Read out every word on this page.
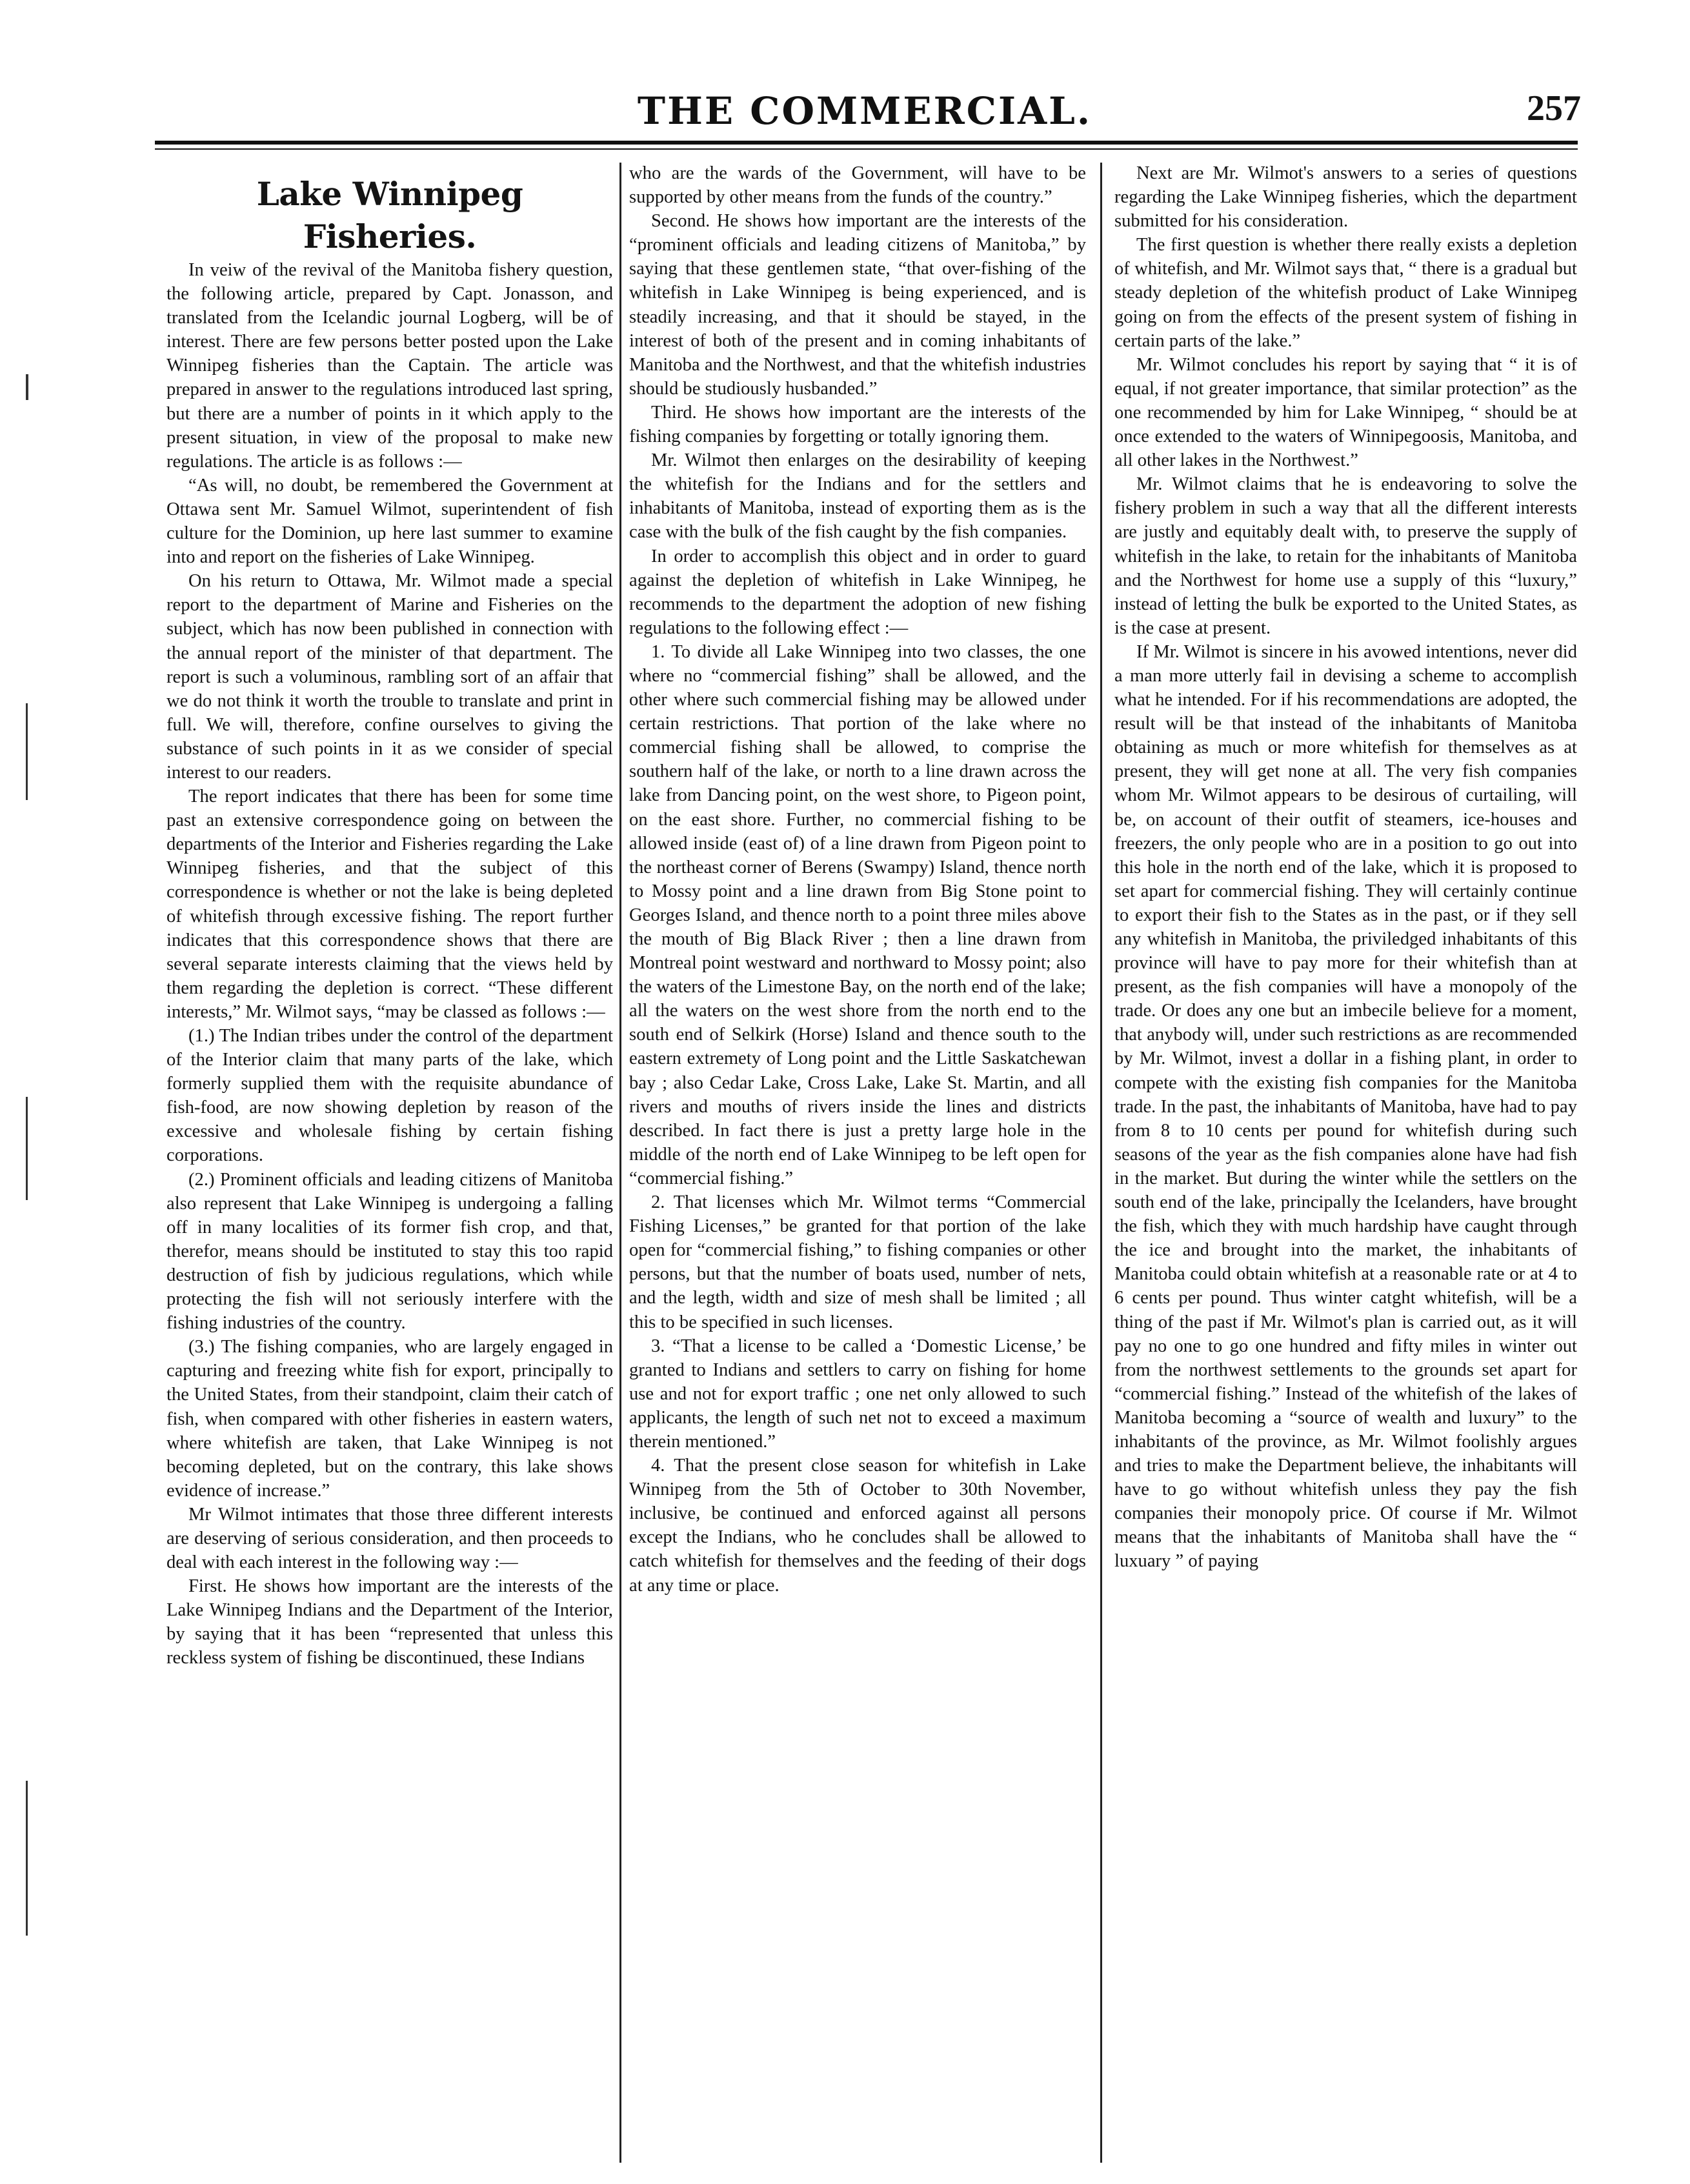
THE COMMERCIAL.	257
Lake Winnipeg Fisheries.

In veiw of the revival of the Manitoba fishery question, the following article, prepared by Capt. Jonasson, and translated from the Icelandic journal Logberg, will be of interest. There are few persons better posted upon the Lake Winnipeg fisheries than the Captain. The article was prepared in answer to the regulations introduced last spring, but there are a number of points in it which apply to the present situation, in view of the proposal to make new regulations. The article is as follows :—

“As will, no doubt, be remembered the Government at Ottawa sent Mr. Samuel Wilmot, superintendent of fish culture for the Dominion, up here last summer to examine into and report on the fisheries of Lake Winnipeg.

On his return to Ottawa, Mr. Wilmot made a special report to the department of Marine and Fisheries on the subject, which has now been published in connection with the annual report of the minister of that department. The report is such a voluminous, rambling sort of an affair that we do not think it worth the trouble to translate and print in full. We will, therefore, confine ourselves to giving the substance of such points in it as we consider of special interest to our readers.

The report indicates that there has been for some time past an extensive correspondence going on between the departments of the Interior and Fisheries regarding the Lake Winnipeg fisheries, and that the subject of this correspondence is whether or not the lake is being depleted of whitefish through excessive fishing. The report further indicates that this correspondence shows that there are several separate interests claiming that the views held by them regarding the depletion is correct. “These different interests,” Mr. Wilmot says, “may be classed as follows :—

(1.) The Indian tribes under the control of the department of the Interior claim that many parts of the lake, which formerly supplied them with the requisite abundance of fish-food, are now showing depletion by reason of the excessive and wholesale fishing by certain fishing corporations.

(2.) Prominent officials and leading citizens of Manitoba also represent that Lake Winnipeg is undergoing a falling off in many localities of its former fish crop, and that, therefor, means should be instituted to stay this too rapid destruction of fish by judicious regulations, which while protecting the fish will not seriously interfere with the fishing industries of the country.

(3.) The fishing companies, who are largely engaged in capturing and freezing white fish for export, principally to the United States, from their standpoint, claim their catch of fish, when compared with other fisheries in eastern waters, where whitefish are taken, that Lake Winnipeg is not becoming depleted, but on the contrary, this lake shows evidence of increase.”

Mr Wilmot intimates that those three different interests are deserving of serious consideration, and then proceeds to deal with each interest in the following way :—

First. He shows how important are the interests of the Lake Winnipeg Indians and the Department of the Interior, by saying that it has been “represented that unless this reckless system of fishing be discontinued, these Indians

who are the wards of the Government, will have to be supported by other means from the funds of the country.”

Second. He shows how important are the interests of the “prominent officials and leading citizens of Manitoba,” by saying that these gentlemen state, “that over-fishing of the whitefish in Lake Winnipeg is being experienced, and is steadily increasing, and that it should be stayed, in the interest of both of the present and in coming inhabitants of Manitoba and the Northwest, and that the whitefish industries should be studiously husbanded.”

Third. He shows how important are the interests of the fishing companies by forgetting or totally ignoring them.

Mr. Wilmot then enlarges on the desirability of keeping the whitefish for the Indians and for the settlers and inhabitants of Manitoba, instead of exporting them as is the case with the bulk of the fish caught by the fish companies.

In order to accomplish this object and in order to guard against the depletion of whitefish in Lake Winnipeg, he recommends to the department the adoption of new fishing regulations to the following effect :—

1. To divide all Lake Winnipeg into two classes, the one where no “commercial fishing” shall be allowed, and the other where such commercial fishing may be allowed under certain restrictions. That portion of the lake where no commercial fishing shall be allowed, to comprise the southern half of the lake, or north to a line drawn across the lake from Dancing point, on the west shore, to Pigeon point, on the east shore. Further, no commercial fishing to be allowed inside (east of) of a line drawn from Pigeon point to the northeast corner of Berens (Swampy) Island, thence north to Mossy point and a line drawn from Big Stone point to Georges Island, and thence north to a point three miles above the mouth of Big Black River ; then a line drawn from Montreal point westward and northward to Mossy point; also the waters of the Limestone Bay, on the north end of the lake; all the waters on the west shore from the north end to the south end of Selkirk (Horse) Island and thence south to the eastern extremety of Long point and the Little Saskatchewan bay ; also Cedar Lake, Cross Lake, Lake St. Martin, and all rivers and mouths of rivers inside the lines and districts described. In fact there is just a pretty large hole in the middle of the north end of Lake Winnipeg to be left open for “commercial fishing.”

2. That licenses which Mr. Wilmot terms “Commercial Fishing Licenses,” be granted for that portion of the lake open for “commercial fishing,” to fishing companies or other persons, but that the number of boats used, number of nets, and the legth, width and size of mesh shall be limited ; all this to be specified in such licenses.

3. “That a license to be called a ‘Domestic License,’ be granted to Indians and settlers to carry on fishing for home use and not for export traffic ; one net only allowed to such applicants, the length of such net not to exceed a maximum therein mentioned.”

4. That the present close season for whitefish in Lake Winnipeg from the 5th of October to 30th November, inclusive, be continued and enforced against all persons except the Indians, who he concludes shall be allowed to catch whitefish for themselves and the feeding of their dogs at any time or place.

Next are Mr. Wilmot's answers to a series of questions regarding the Lake Winnipeg fisheries, which the department submitted for his consideration.

The first question is whether there really exists a depletion of whitefish, and Mr. Wilmot says that, “ there is a gradual but steady depletion of the whitefish product of Lake Winnipeg going on from the effects of the present system of fishing in certain parts of the lake.”

Mr. Wilmot concludes his report by saying that “ it is of equal, if not greater importance, that similar protection” as the one recommended by him for Lake Winnipeg, “ should be at once extended to the waters of Winnipegoosis, Manitoba, and all other lakes in the Northwest.”

Mr. Wilmot claims that he is endeavoring to solve the fishery problem in such a way that all the different interests are justly and equitably dealt with, to preserve the supply of whitefish in the lake, to retain for the inhabitants of Manitoba and the Northwest for home use a supply of this “luxury,” instead of letting the bulk be exported to the United States, as is the case at present.

If Mr. Wilmot is sincere in his avowed intentions, never did a man more utterly fail in devising a scheme to accomplish what he intended. For if his recommendations are adopted, the result will be that instead of the inhabitants of Manitoba obtaining as much or more whitefish for themselves as at present, they will get none at all. The very fish companies whom Mr. Wilmot appears to be desirous of curtailing, will be, on account of their outfit of steamers, ice-houses and freezers, the only people who are in a position to go out into this hole in the north end of the lake, which it is proposed to set apart for commercial fishing. They will certainly continue to export their fish to the States as in the past, or if they sell any whitefish in Manitoba, the priviledged inhabitants of this province will have to pay more for their whitefish than at present, as the fish companies will have a monopoly of the trade. Or does any one but an imbecile believe for a moment, that anybody will, under such restrictions as are recommended by Mr. Wilmot, invest a dollar in a fishing plant, in order to compete with the existing fish companies for the Manitoba trade. In the past, the inhabitants of Manitoba, have had to pay from 8 to 10 cents per pound for whitefish during such seasons of the year as the fish companies alone have had fish in the market. But during the winter while the settlers on the south end of the lake, principally the Icelanders, have brought the fish, which they with much hardship have caught through the ice and brought into the market, the inhabitants of Manitoba could obtain whitefish at a reasonable rate or at 4 to 6 cents per pound. Thus winter catght whitefish, will be a thing of the past if Mr. Wilmot's plan is carried out, as it will pay no one to go one hundred and fifty miles in winter out from the northwest settlements to the grounds set apart for “commercial fishing.” Instead of the whitefish of the lakes of Manitoba becoming a “source of wealth and luxury” to the inhabitants of the province, as Mr. Wilmot foolishly argues and tries to make the Department believe, the inhabitants will have to go without whitefish unless they pay the fish companies their monopoly price. Of course if Mr. Wilmot means that the inhabitants of Manitoba shall have the “ luxuary ” of paying
